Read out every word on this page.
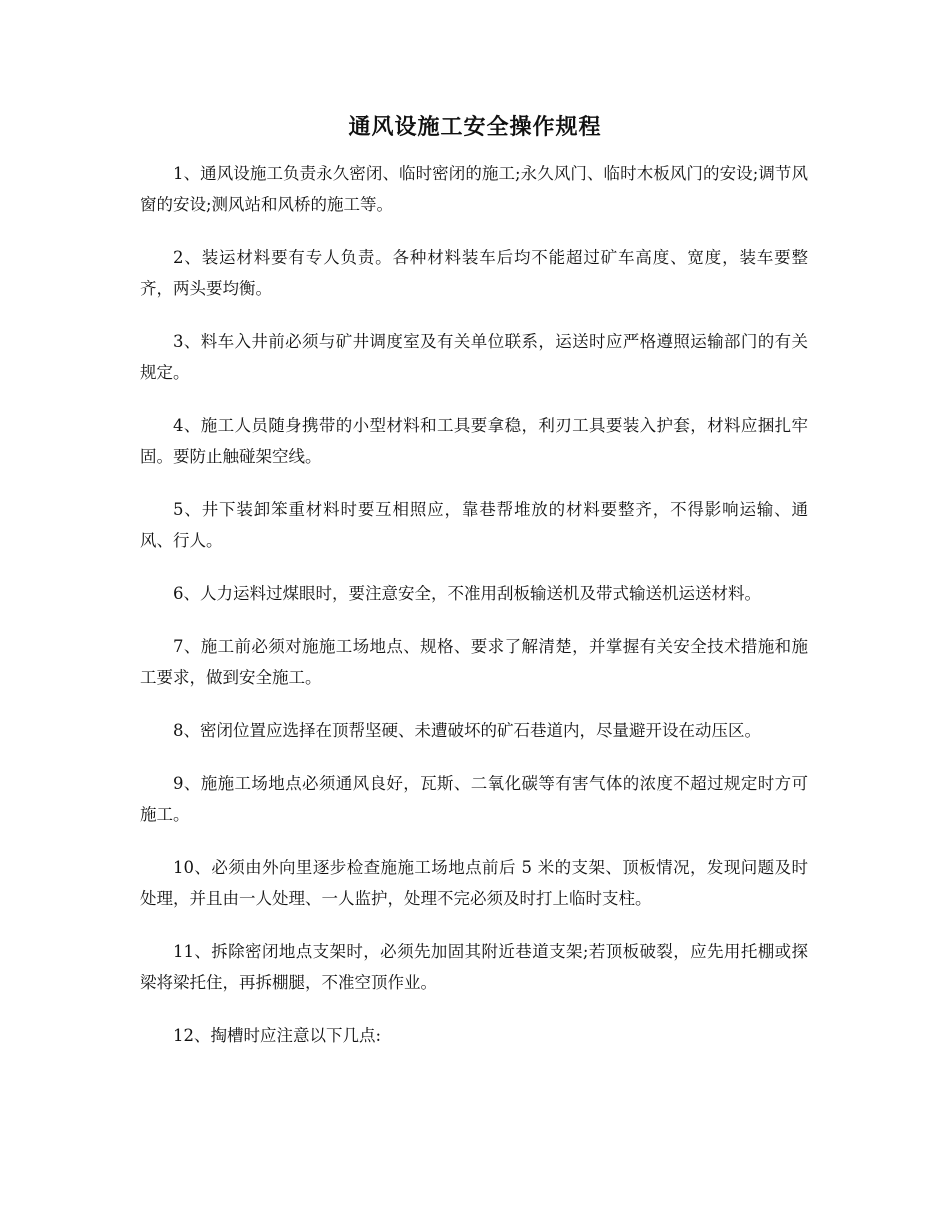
通风设施工安全操作规程

1、通风设施工负责永久密闭、临时密闭的施工;永久风门、临时木板风门的安设;调节风窗的安设;测风站和风桥的施工等。

2、装运材料要有专人负责。各种材料装车后均不能超过矿车高度、宽度，装车要整齐，两头要均衡。

3、料车入井前必须与矿井调度室及有关单位联系，运送时应严格遵照运输部门的有关规定。

4、施工人员随身携带的小型材料和工具要拿稳，利刃工具要装入护套，材料应捆扎牢固。要防止触碰架空线。

5、井下装卸笨重材料时要互相照应，靠巷帮堆放的材料要整齐，不得影响运输、通风、行人。

6、人力运料过煤眼时，要注意安全，不准用刮板输送机及带式输送机运送材料。

7、施工前必须对施施工场地点、规格、要求了解清楚，并掌握有关安全技术措施和施工要求，做到安全施工。

8、密闭位置应选择在顶帮坚硬、未遭破坏的矿石巷道内，尽量避开设在动压区。

9、施施工场地点必须通风良好，瓦斯、二氧化碳等有害气体的浓度不超过规定时方可施工。

10、必须由外向里逐步检查施施工场地点前后 5 米的支架、顶板情况，发现问题及时处理，并且由一人处理、一人监护，处理不完必须及时打上临时支柱。

11、拆除密闭地点支架时，必须先加固其附近巷道支架;若顶板破裂，应先用托棚或探梁将梁托住，再拆棚腿，不准空顶作业。

12、掏槽时应注意以下几点:
